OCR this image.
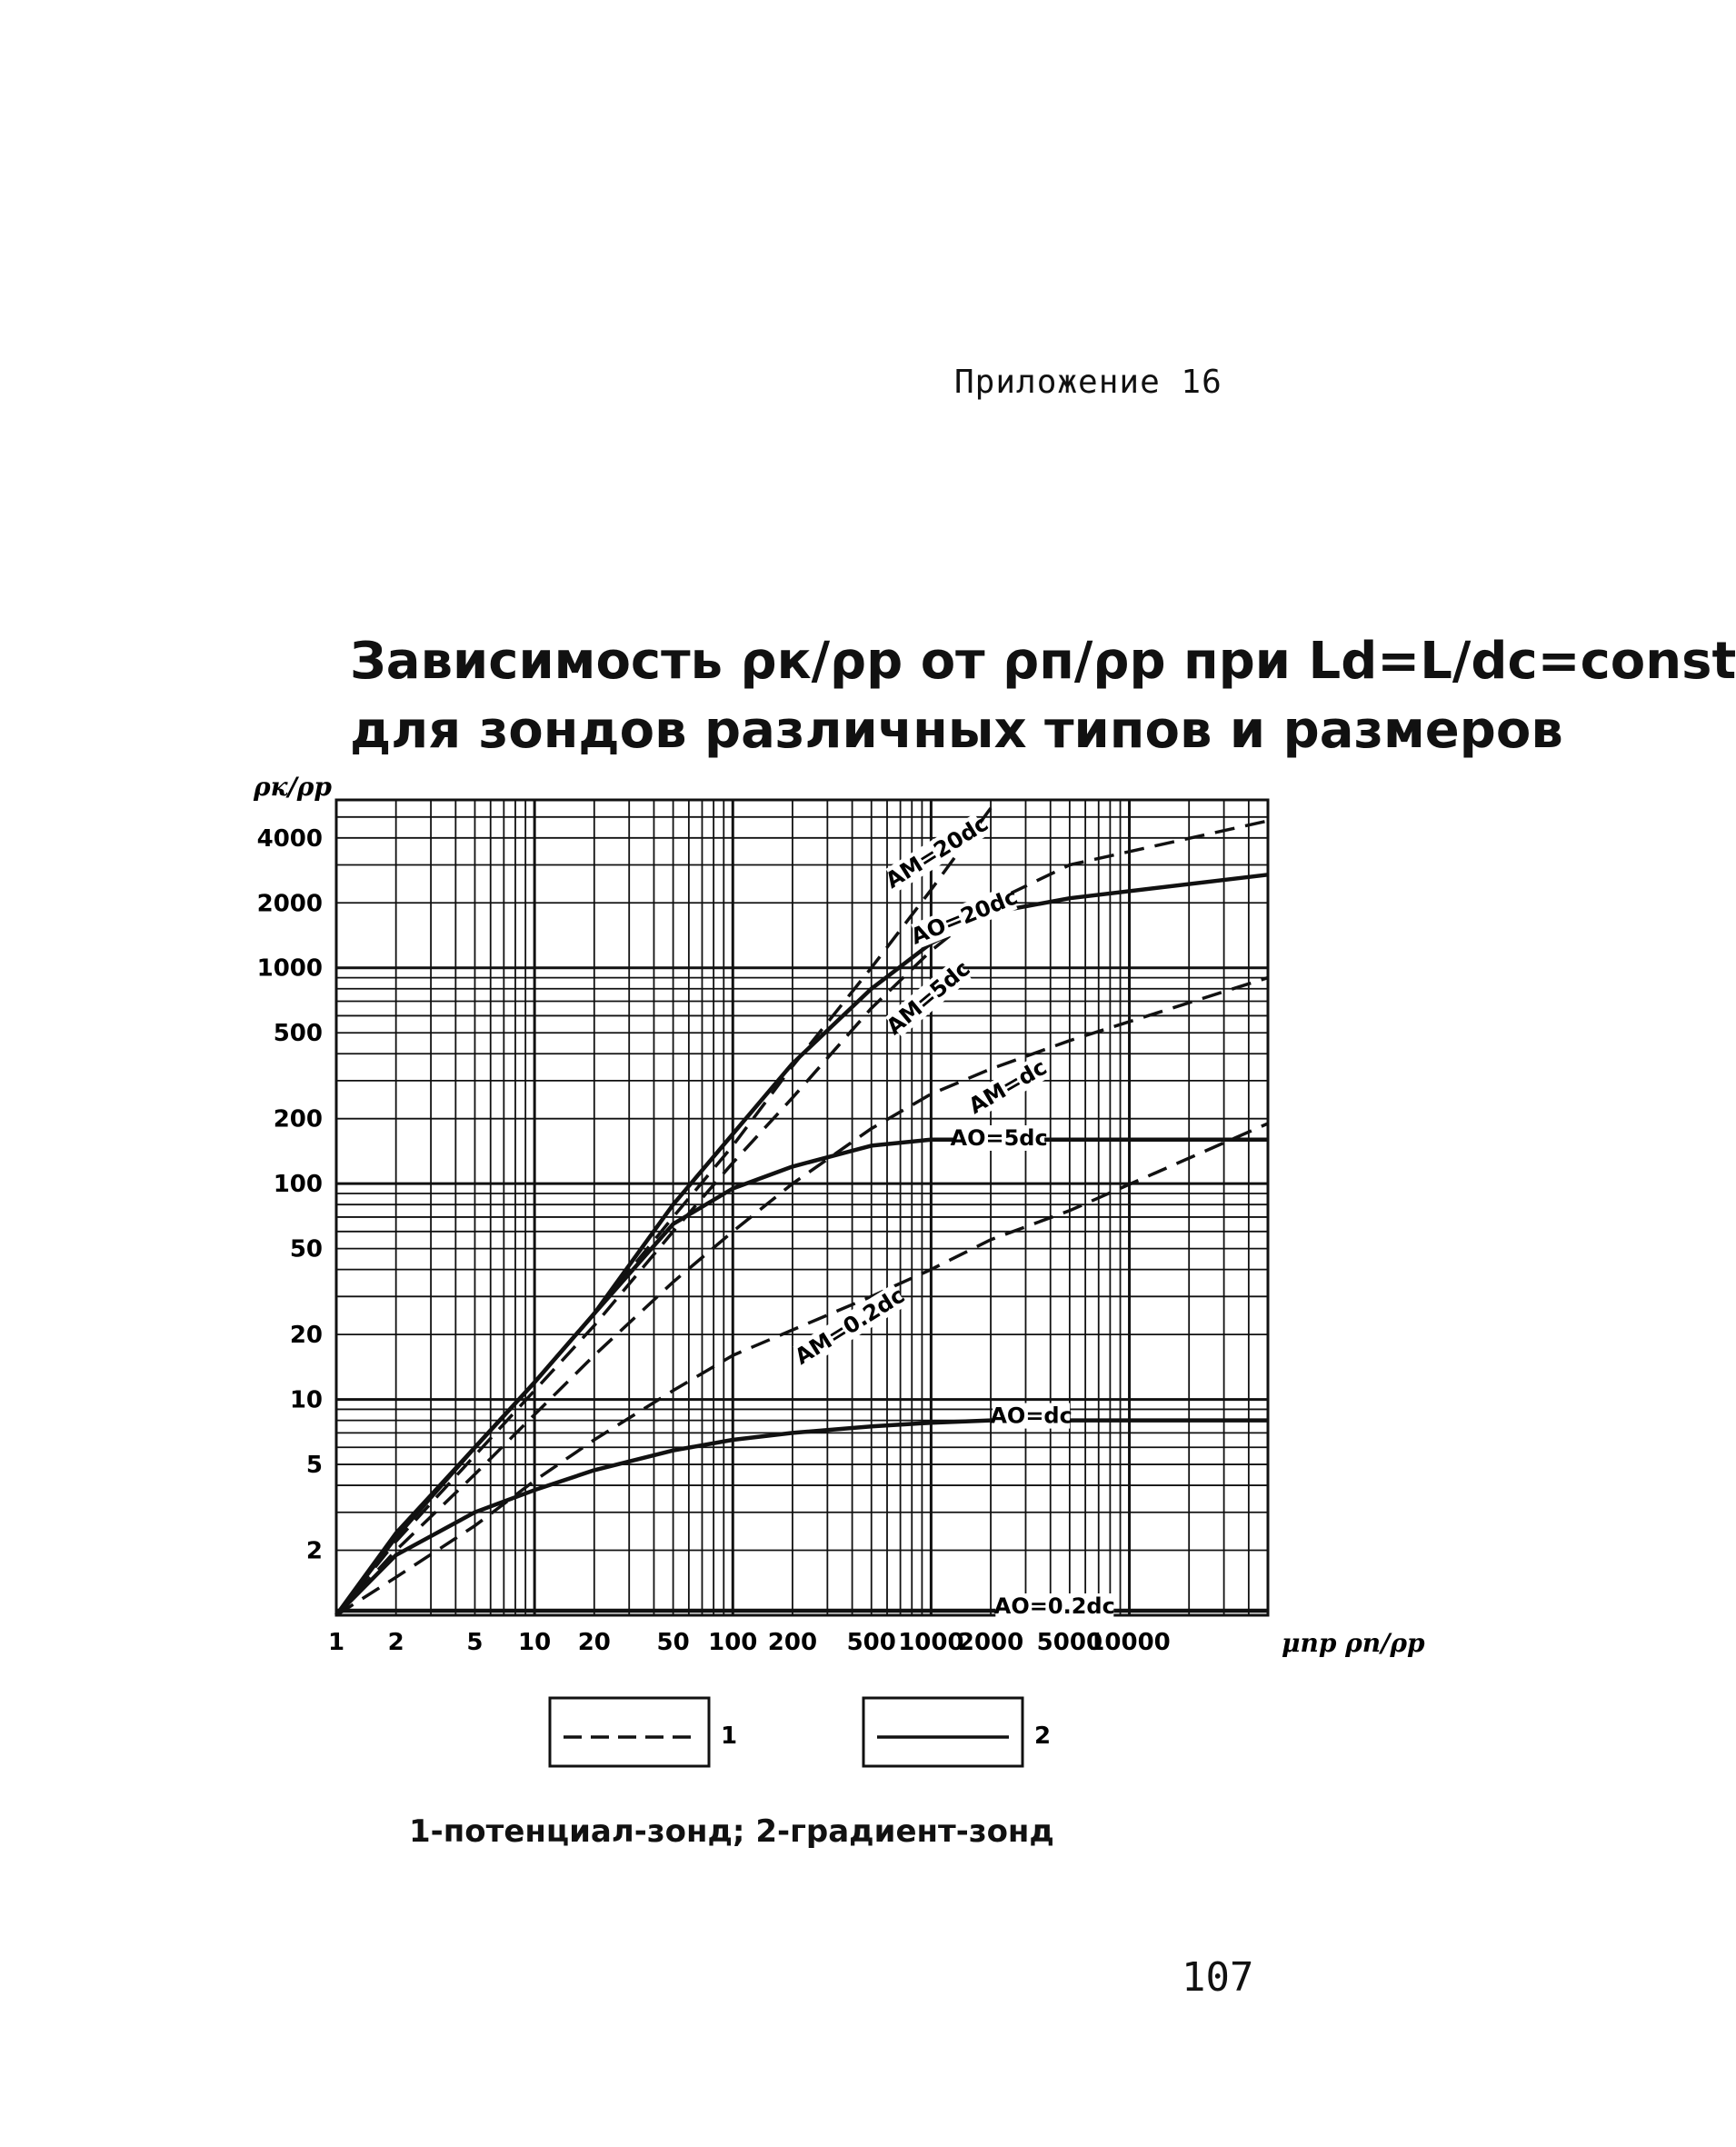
Приложение 16
Зависимость ρк/ρр от ρп/ρр при Ld=L/dc=const
для зондов различных типов и размеров
1 2	5 10 20 50 100 200 500 1000
2000 5000
10000
2
5
10
20
50
100
200
500
1000
2000
4000	AM=20dc
AO=20dc
AM=5dc
AM=dc
AO=5dc
AM=0.2dc
AO=dc
AO=0.2dc
ρк/ρр
μпр ρп/ρр
1	2
1-потенциал-зонд; 2-градиент-зонд
107
